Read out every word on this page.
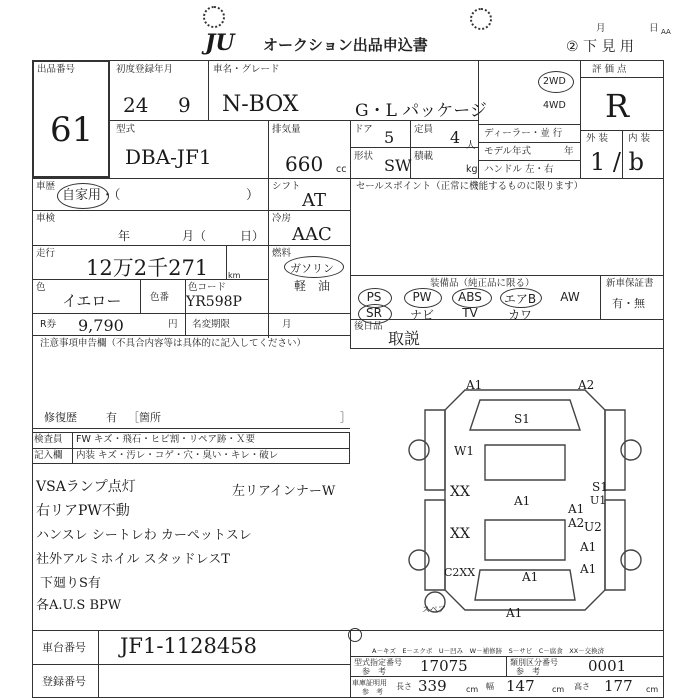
JU オークション出品申込書
月	日 AA
② 下 見 用
出品番号
61
初度登録年月
24 9
車名・グレード
N-BOX	G・L パッケージ
型式
DBA-JF1
排気量
660 cc
ドア 5 定員 4 人
形状 SW 積載
kg
2WD
4WD
ディーラー・並 行
モデル年式	年
ハンドル 左・右
評 価 点
R
外 装 内 装
1 / b
車歴
自家用・（	）
シフト
AT
セールスポイント（正常に機能するものに限ります）
車検
年	月（	日）
冷房
AAC
走行
12万2千271 km
燃料
ガソリン
軽　油
色
イエロー	色番
色コード
YR598P
R券 9,790	円 名変期限	月
装備品（純正品に限る）	新車保証書
有・無
PS	PW	ABS	エアB	AW
SR	ナビ	TV	カワ
後日品
取説
注意事項申告欄（不具合内容等は具体的に記入してください）
修復歴	有 ［箇所	］
検査員
記入欄
FW キズ・飛石・ヒビ割・リペア跡・Ｘ要
内装 キズ・汚レ・コゲ・穴・臭い・キレ・破レ
VSAランプ点灯	左リアインナーW
右リアPW不動
ハンスレ シートレわ カーペットスレ
社外アルミホイル スタッドレスT
下廻りS有
各A.U.S BPW	スペア
A1	A2
S1
W1
XX
A1
S1
U1
A1
A2 U2
A1
XX
A1
C2XX	A1
A1
車台番号 JF1-1128458
登録番号
A－キズ　E－エクボ　U－凹み　W－補修跡　S－サビ　C－腐食　XX－交換済
型式指定番号
参　考 17075	類別区分番号
参　考	0001
車庫証明用
参　考
長さ 339 cm 幅 147 cm 高さ 177 cm
